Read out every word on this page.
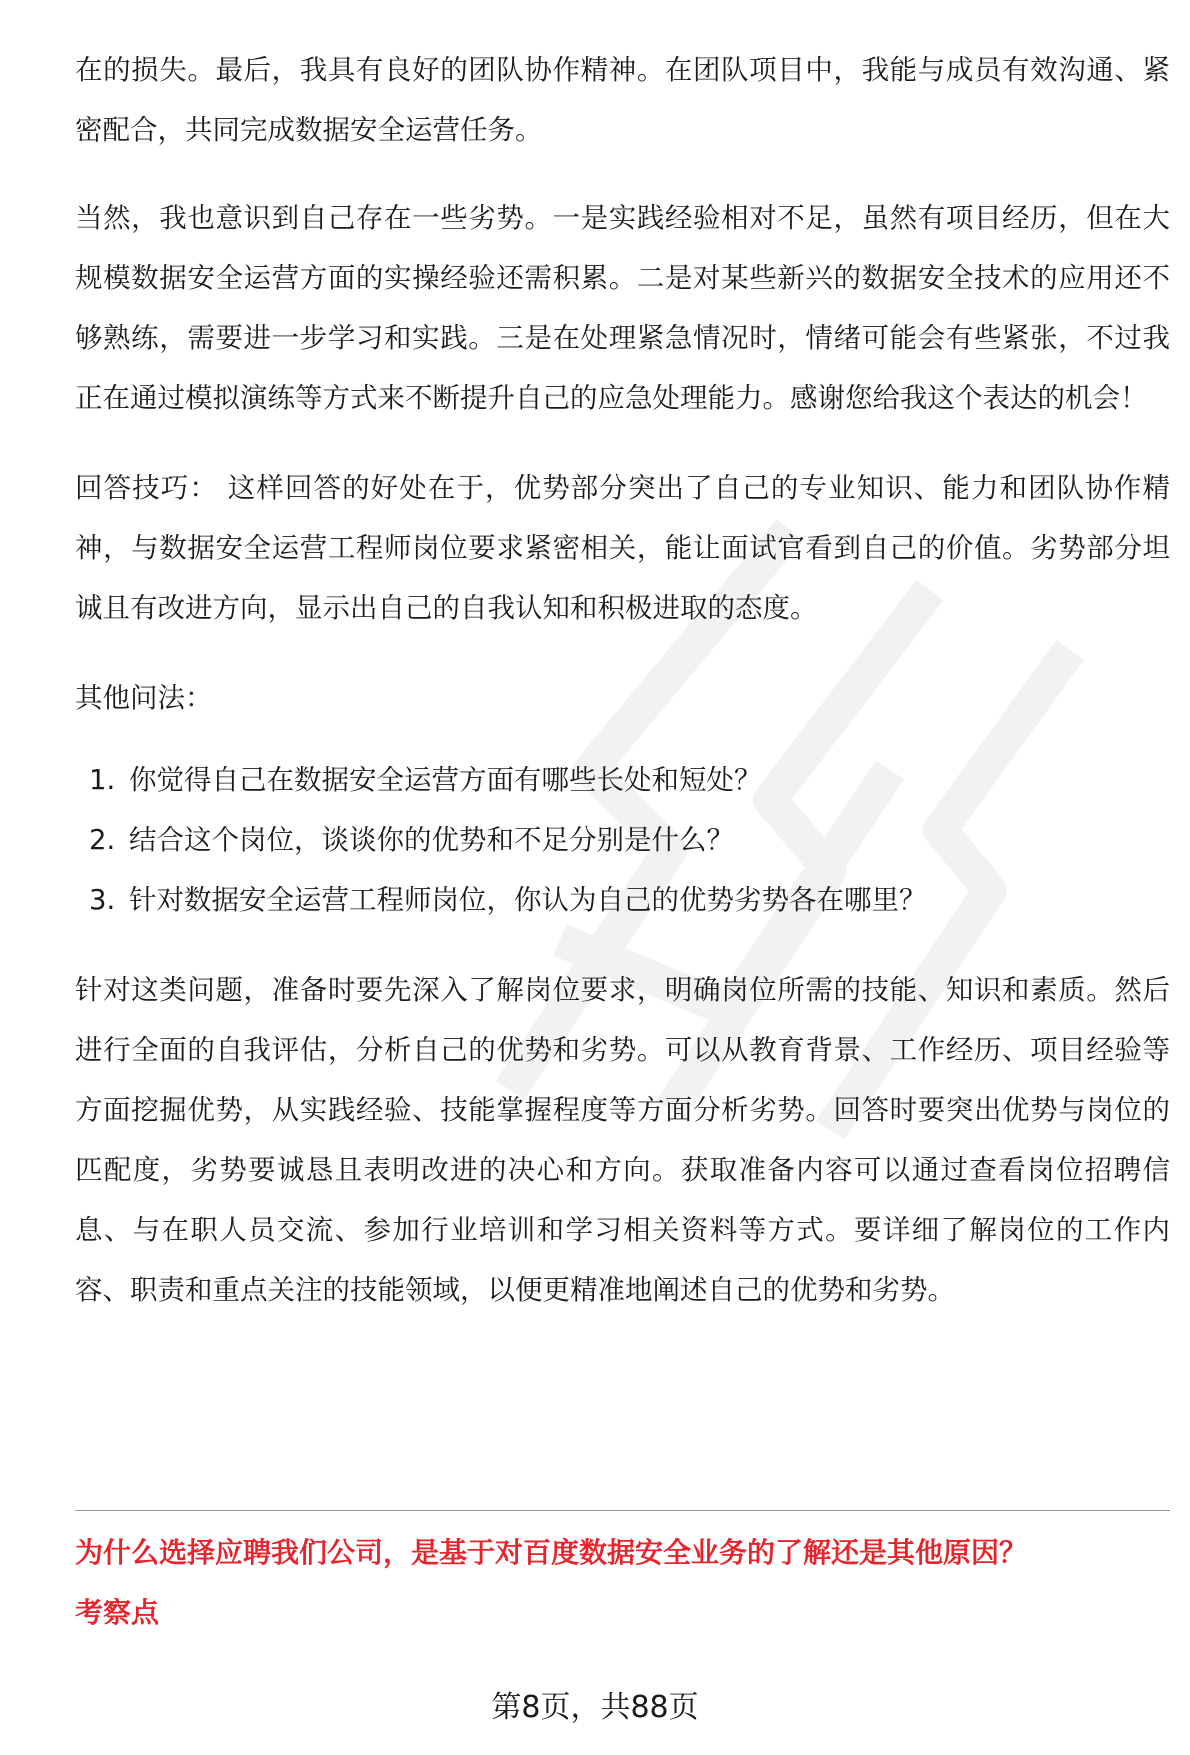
在的损失。最后，我具有良好的团队协作精神。在团队项目中，我能与成员有效沟通、紧密配合，共同完成数据安全运营任务。

当然，我也意识到自己存在一些劣势。一是实践经验相对不足，虽然有项目经历，但在大规模数据安全运营方面的实操经验还需积累。二是对某些新兴的数据安全技术的应用还不够熟练，需要进一步学习和实践。三是在处理紧急情况时，情绪可能会有些紧张，不过我正在通过模拟演练等方式来不断提升自己的应急处理能力。感谢您给我这个表达的机会！

回答技巧： 这样回答的好处在于，优势部分突出了自己的专业知识、能力和团队协作精神，与数据安全运营工程师岗位要求紧密相关，能让面试官看到自己的价值。劣势部分坦诚且有改进方向，显示出自己的自我认知和积极进取的态度。

其他问法：

1. 你觉得自己在数据安全运营方面有哪些长处和短处？
2. 结合这个岗位，谈谈你的优势和不足分别是什么？
3. 针对数据安全运营工程师岗位，你认为自己的优势劣势各在哪里？

针对这类问题，准备时要先深入了解岗位要求，明确岗位所需的技能、知识和素质。然后进行全面的自我评估，分析自己的优势和劣势。可以从教育背景、工作经历、项目经验等方面挖掘优势，从实践经验、技能掌握程度等方面分析劣势。回答时要突出优势与岗位的匹配度，劣势要诚恳且表明改进的决心和方向。获取准备内容可以通过查看岗位招聘信息、与在职人员交流、参加行业培训和学习相关资料等方式。要详细了解岗位的工作内容、职责和重点关注的技能领域，以便更精准地阐述自己的优势和劣势。

为什么选择应聘我们公司，是基于对百度数据安全业务的了解还是其他原因？
考察点
第8页，共88页
